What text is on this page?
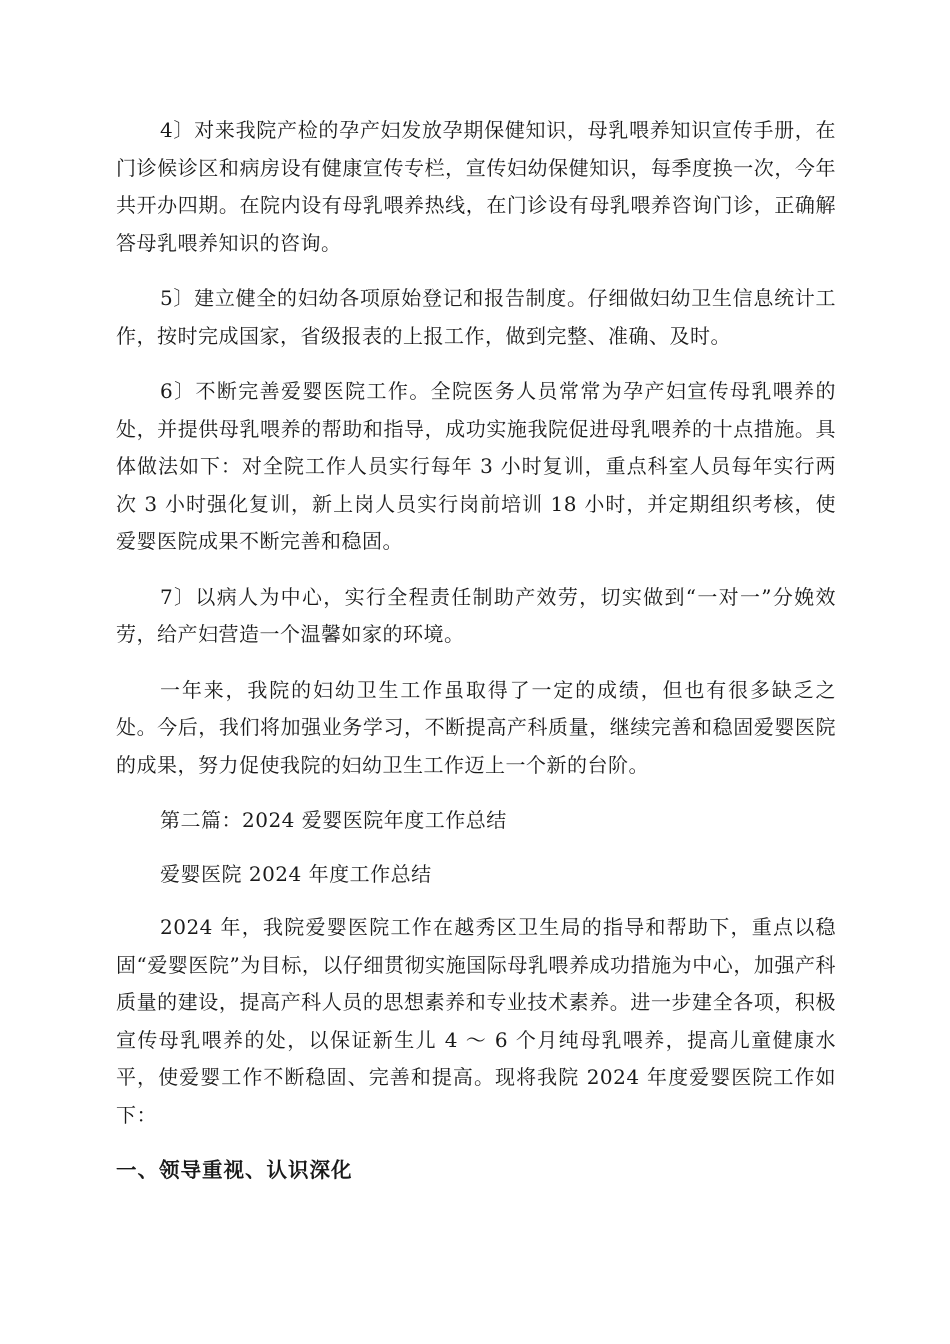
4〕对来我院产检的孕产妇发放孕期保健知识，母乳喂养知识宣传手册，在门诊候诊区和病房设有健康宣传专栏，宣传妇幼保健知识，每季度换一次，今年共开办四期。在院内设有母乳喂养热线，在门诊设有母乳喂养咨询门诊，正确解答母乳喂养知识的咨询。

5〕建立健全的妇幼各项原始登记和报告制度。仔细做妇幼卫生信息统计工作，按时完成国家，省级报表的上报工作，做到完整、准确、及时。

6〕不断完善爱婴医院工作。全院医务人员常常为孕产妇宣传母乳喂养的处，并提供母乳喂养的帮助和指导，成功实施我院促进母乳喂养的十点措施。具体做法如下：对全院工作人员实行每年 3 小时复训，重点科室人员每年实行两次 3 小时强化复训，新上岗人员实行岗前培训 18 小时，并定期组织考核，使爱婴医院成果不断完善和稳固。

7〕以病人为中心，实行全程责任制助产效劳，切实做到“一对一”分娩效劳，给产妇营造一个温馨如家的环境。

一年来，我院的妇幼卫生工作虽取得了一定的成绩，但也有很多缺乏之处。今后，我们将加强业务学习，不断提高产科质量，继续完善和稳固爱婴医院的成果，努力促使我院的妇幼卫生工作迈上一个新的台阶。

第二篇：2024 爱婴医院年度工作总结

爱婴医院 2024 年度工作总结

2024 年，我院爱婴医院工作在越秀区卫生局的指导和帮助下，重点以稳固“爱婴医院”为目标，以仔细贯彻实施国际母乳喂养成功措施为中心，加强产科质量的建设，提高产科人员的思想素养和专业技术素养。进一步建全各项，积极宣传母乳喂养的处，以保证新生儿 4 ～ 6 个月纯母乳喂养，提高儿童健康水平，使爱婴工作不断稳固、完善和提高。现将我院 2024 年度爱婴医院工作如下：

一、领导重视、认识深化
